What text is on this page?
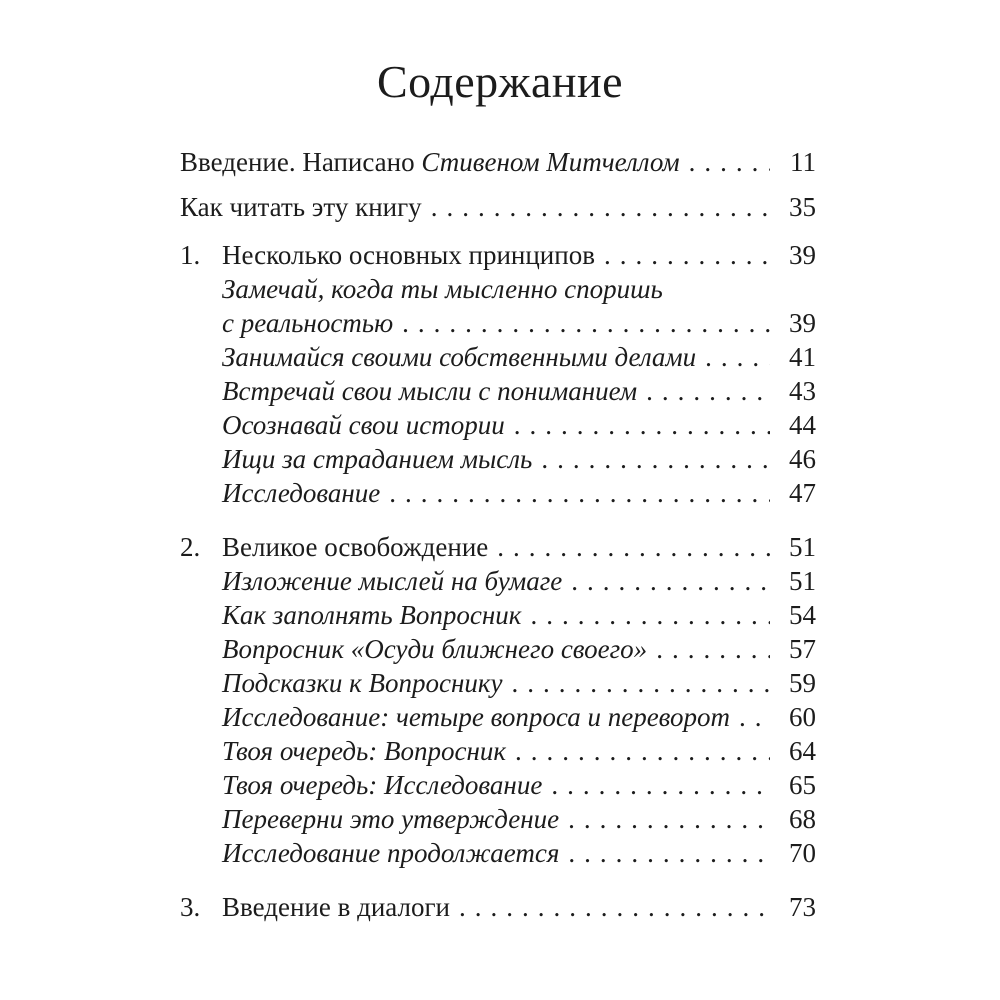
Содержание
Введение. Написано Стивеном Митчеллом .....	11
Как читать эту книгу .....	35
1. Несколько основных принципов .....	39
Замечай, когда ты мысленно споришь
с реальностью .....	39
Занимайся своими собственными делами .....	41
Встречай свои мысли с пониманием .....	43
Осознавай свои истории .....	44
Ищи за страданием мысль .....	46
Исследование .....	47
2. Великое освобождение .....	51
Изложение мыслей на бумаге .....	51
Как заполнять Вопросник .....	54
Вопросник «Осуди ближнего своего» .....	57
Подсказки к Вопроснику .....	59
Исследование: четыре вопроса и переворот ..... 60
Твоя очередь: Вопросник .....	64
Твоя очередь: Исследование .....	65
Переверни это утверждение .....	68
Исследование продолжается .....	70
3. Введение в диалоги .....	73
